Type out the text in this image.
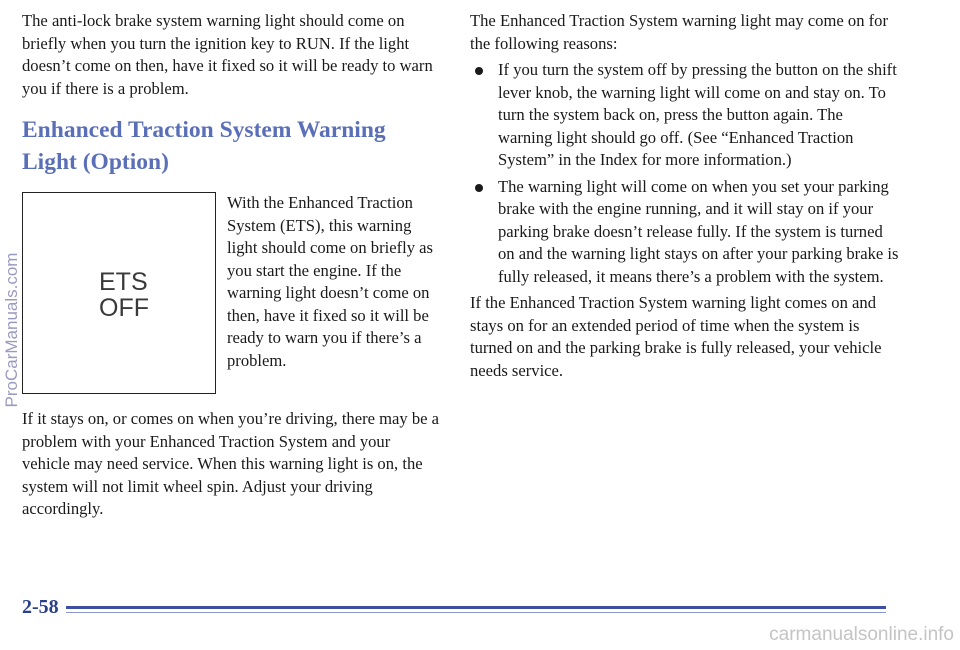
The anti-lock brake system warning light should come on briefly when you turn the ignition key to RUN. If the light doesn’t come on then, have it fixed so it will be ready to warn you if there is a problem.

Enhanced Traction System Warning Light (Option)
ETS
OFF

With the Enhanced Traction System (ETS), this warning light should come on briefly as you start the engine. If the warning light doesn’t come on then, have it fixed so it will be ready to warn you if there’s a problem.

If it stays on, or comes on when you’re driving, there may be a problem with your Enhanced Traction System and your vehicle may need service. When this warning light is on, the system will not limit wheel spin. Adjust your driving accordingly.

The Enhanced Traction System warning light may come on for the following reasons:

If you turn the system off by pressing the button on the shift lever knob, the warning light will come on and stay on. To turn the system back on, press the button again. The warning light should go off. (See “Enhanced Traction System” in the Index for more information.)

The warning light will come on when you set your parking brake with the engine running, and it will stay on if your parking brake doesn’t release fully. If the system is turned on and the warning light stays on after your parking brake is fully released, it means there’s a problem with the system.

If the Enhanced Traction System warning light comes on and stays on for an extended period of time when the system is turned on and the parking brake is fully released, your vehicle needs service.

ProCarManuals.com
2-58
carmanualsonline.info
